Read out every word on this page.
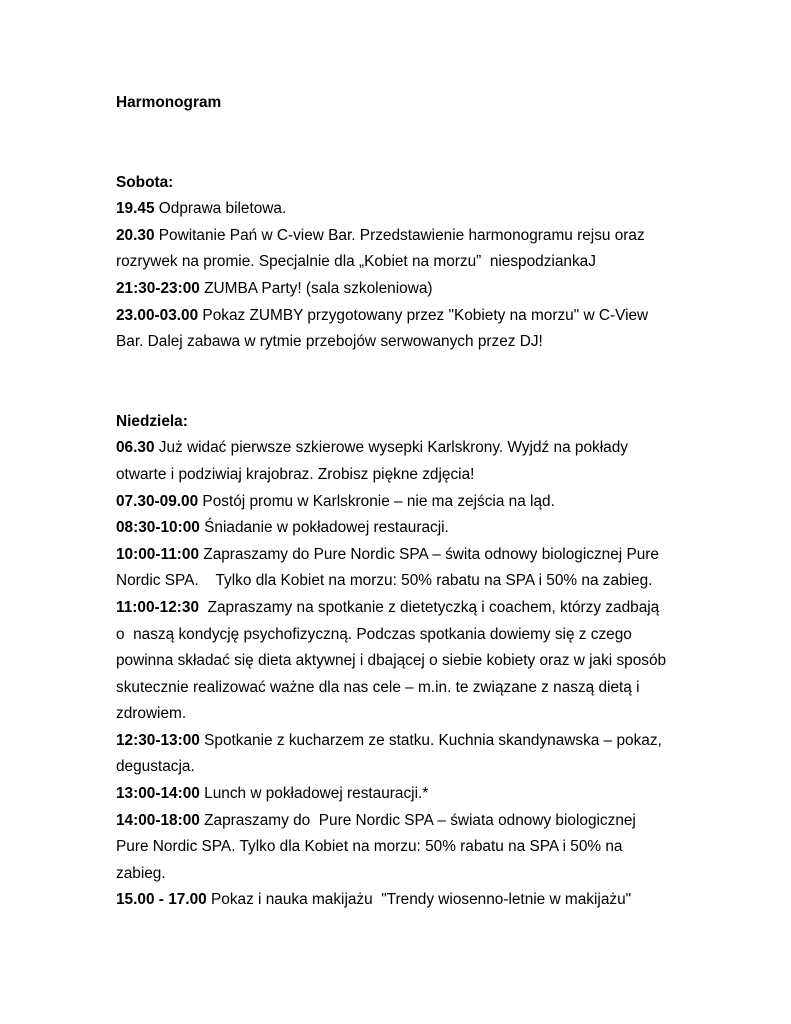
Harmonogram

Sobota:

19.45 Odprawa biletowa.

20.30 Powitanie Pań w C-view Bar. Przedstawienie harmonogramu rejsu oraz
rozrywek na promie. Specjalnie dla „Kobiet na morzu”  niespodziankaJ

21:30-23:00 ZUMBA Party! (sala szkoleniowa)

23.00-03.00 Pokaz ZUMBY przygotowany przez "Kobiety na morzu" w C-View
Bar. Dalej zabawa w rytmie przebojów serwowanych przez DJ!

Niedziela:

06.30 Już widać pierwsze szkierowe wysepki Karlskrony. Wyjdź na pokłady
otwarte i podziwiaj krajobraz. Zrobisz piękne zdjęcia!

07.30-09.00 Postój promu w Karlskronie – nie ma zejścia na ląd.

08:30-10:00 Śniadanie w pokładowej restauracji.

10:00-11:00 Zapraszamy do Pure Nordic SPA – świta odnowy biologicznej Pure
Nordic SPA.    Tylko dla Kobiet na morzu: 50% rabatu na SPA i 50% na zabieg.

11:00-12:30  Zapraszamy na spotkanie z dietetyczką i coachem, którzy zadbają
o  naszą kondycję psychofizyczną. Podczas spotkania dowiemy się z czego
powinna składać się dieta aktywnej i dbającej o siebie kobiety oraz w jaki sposób
skutecznie realizować ważne dla nas cele – m.in. te związane z naszą dietą i
zdrowiem.

12:30-13:00 Spotkanie z kucharzem ze statku. Kuchnia skandynawska – pokaz,
degustacja.

13:00-14:00 Lunch w pokładowej restauracji.*

14:00-18:00 Zapraszamy do  Pure Nordic SPA – świata odnowy biologicznej
Pure Nordic SPA. Tylko dla Kobiet na morzu: 50% rabatu na SPA i 50% na
zabieg.

15.00 - 17.00 Pokaz i nauka makijażu  "Trendy wiosenno-letnie w makijażu"
